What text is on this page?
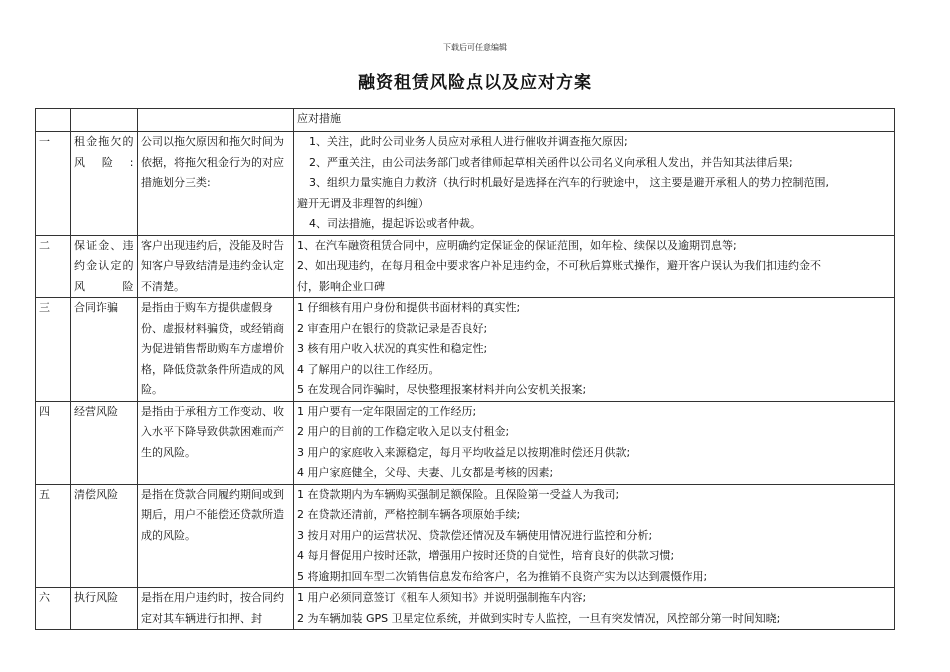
下载后可任意编辑
融资租赁风险点以及应对方案
			应对措施
一	租金拖欠的风险:	公司以拖欠原因和拖欠时间为依据，将拖欠租金行为的对应措施划分三类:	1、关注，此时公司业务人员应对承租人进行催收并调查拖欠原因;
2、严重关注，由公司法务部门或者律师起草相关函件以公司名义向承租人发出，并告知其法律后果;
3、组织力量实施自力救济（执行时机最好是选择在汽车的行驶途中， 这主要是避开承租人的势力控制范围,
避开无谓及非理智的纠缠）
4、司法措施，提起诉讼或者仲裁。

二	保证金、违约金认定的风险	客户出现违约后，没能及时告知客户导致结清是违约金认定不清楚。	1、在汽车融资租赁合同中，应明确约定保证金的保证范围，如年检、续保以及逾期罚息等;
2、如出现违约，在每月租金中要求客户补足违约金，不可秋后算账式操作，避开客户误认为我们扣违约金不
付，影响企业口碑

三	合同诈骗	是指由于购车方提供虚假身份、虚报材料骗贷，或经销商为促进销售帮助购车方虚增价格，降低贷款条件所造成的风险。	1 仔细核有用户身份和提供书面材料的真实性;
2 审查用户在银行的贷款记录是否良好;
3 核有用户收入状况的真实性和稳定性;
4 了解用户的以往工作经历。
5 在发现合同诈骗时，尽快整理报案材料并向公安机关报案;

四	经营风险	是指由于承租方工作变动、收入水平下降导致供款困难而产生的风险。	1 用户要有一定年限固定的工作经历;
2 用户的目前的工作稳定收入足以支付租金;
3 用户的家庭收入来源稳定，每月平均收益足以按期准时偿还月供款;
4 用户家庭健全，父母、夫妻、儿女都是考核的因素;

五	清偿风险	是指在贷款合同履约期间或到期后，用户不能偿还贷款所造成的风险。	1 在贷款期内为车辆购买强制足额保险。且保险第一受益人为我司;
2 在贷款还清前，严格控制车辆各项原始手续;
3 按月对用户的运营状况、贷款偿还情况及车辆使用情况进行监控和分析;
4 每月督促用户按时还款，增强用户按时还贷的自觉性，培育良好的供款习惯;
5 将逾期扣回车型二次销售信息发布给客户，名为推销不良资产实为以达到震慑作用;

六	执行风险	是指在用户违约时，按合同约定对其车辆进行扣押、封	1 用户必须同意签订《租车人须知书》并说明强制拖车内容;
2 为车辆加装 GPS 卫星定位系统，并做到实时专人监控，一旦有突发情况，风控部分第一时间知晓;
